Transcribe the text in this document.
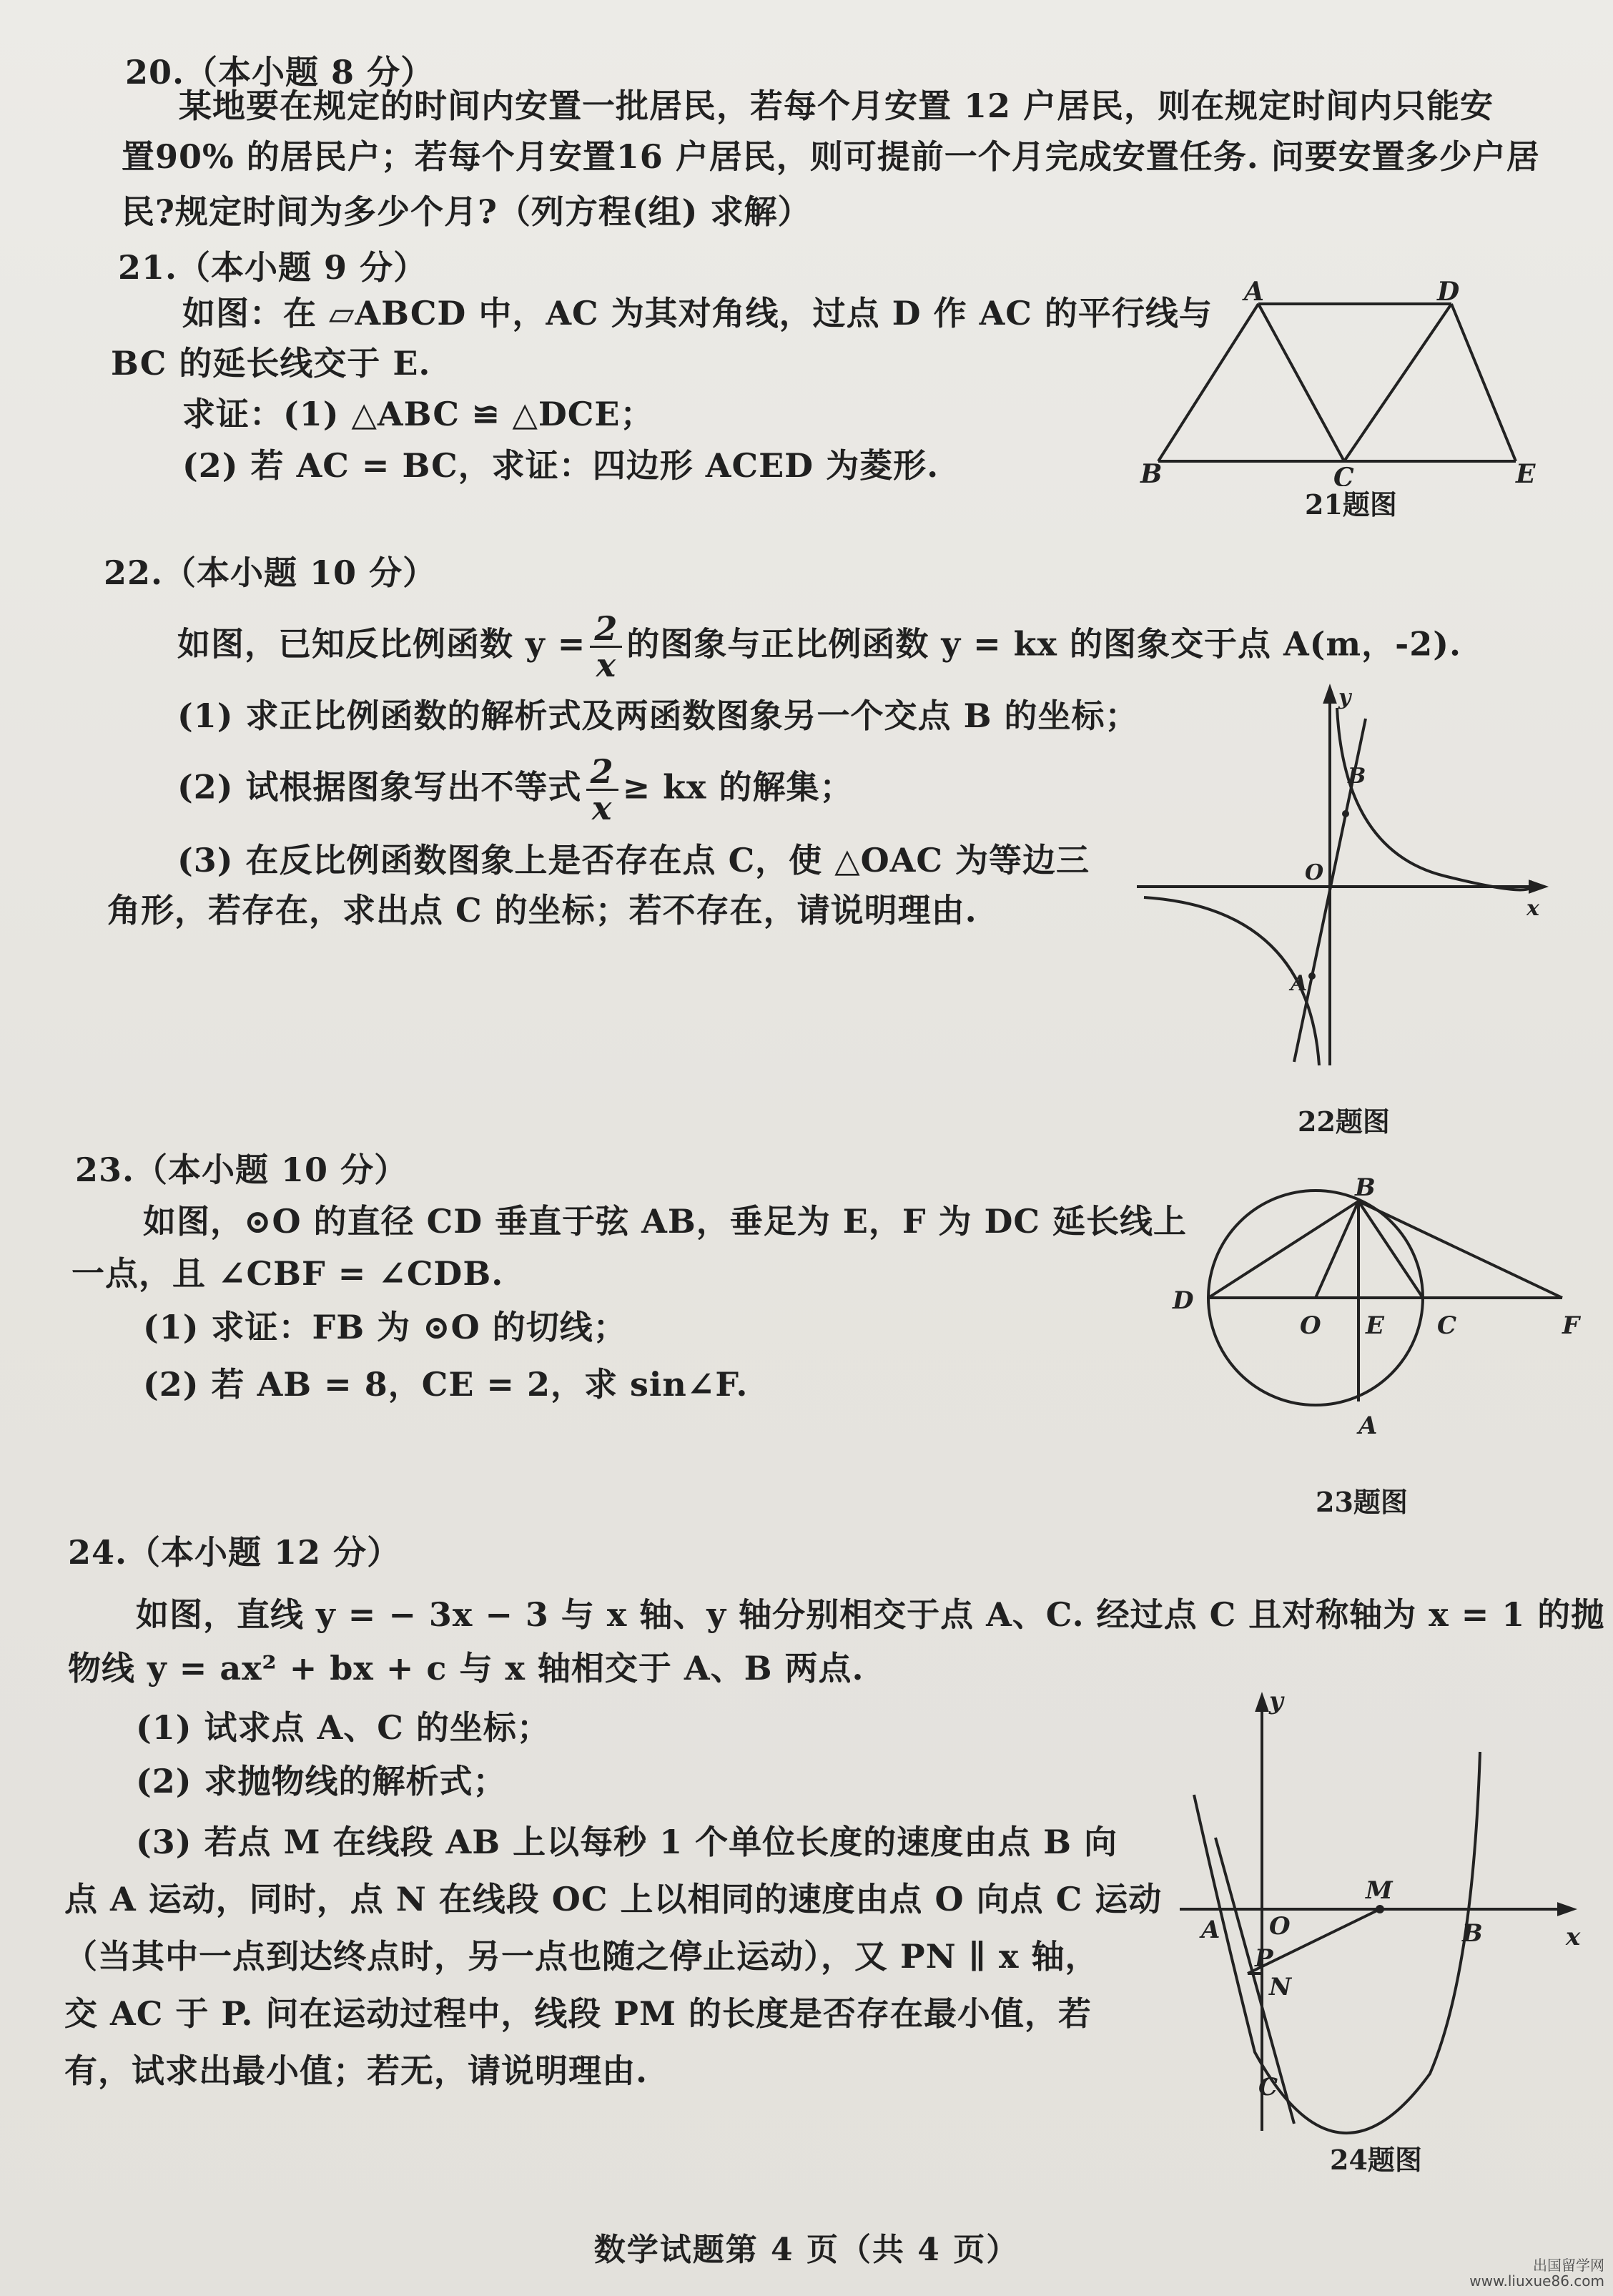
20.（本小题 8 分）
某地要在规定的时间内安置一批居民，若每个月安置 12 户居民，则在规定时间内只能安
置90% 的居民户；若每个月安置16 户居民，则可提前一个月完成安置任务. 问要安置多少户居
民?规定时间为多少个月?（列方程(组) 求解）
21.（本小题 9 分）
如图：在 ▱ABCD 中，AC 为其对角线，过点 D 作 AC 的平行线与
BC 的延长线交于 E.
求证：(1) △ABC ≌ △DCE；
(2) 若 AC = BC，求证：四边形 ACED 为菱形.
A	D
B	C	E
21题图
22.（本小题 10 分）
如图，已知反比例函数 $y = \frac{2}{x}$ 的图象与正比例函数 y = kx 的图象交于点 A(m，-2).
(1) 求正比例函数的解析式及两函数图象另一个交点 B 的坐标；
(2) 试根据图象写出不等式 $\frac{2}{x}$ ≥ kx 的解集；
(3) 在反比例函数图象上是否存在点 C，使 △OAC 为等边三
角形，若存在，求出点 C 的坐标；若不存在，请说明理由.
y
x
O
B
A
22题图
23.（本小题 10 分）
如图，⊙O 的直径 CD 垂直于弦 AB，垂足为 E，F 为 DC 延长线上
一点，且 ∠CBF = ∠CDB.
(1) 求证：FB 为 ⊙O 的切线；
(2) 若 AB = 8，CE = 2，求 sin∠F.
B
D
O E C	F
A
23题图
24.（本小题 12 分）
如图，直线 y = − 3x − 3 与 x 轴、y 轴分别相交于点 A、C. 经过点 C 且对称轴为 x = 1 的抛
物线 y = ax² + bx + c 与 x 轴相交于 A、B 两点.
(1) 试求点 A、C 的坐标；
(2) 求抛物线的解析式；
(3) 若点 M 在线段 AB 上以每秒 1 个单位长度的速度由点 B 向
点 A 运动，同时，点 N 在线段 OC 上以相同的速度由点 O 向点 C 运动
（当其中一点到达终点时，另一点也随之停止运动），又 PN ∥ x 轴，
交 AC 于 P. 问在运动过程中，线段 PM 的长度是否存在最小值，若
有，试求出最小值；若无，请说明理由.
y
x
O
A	B
M
P
N
C
24题图
数学试题第 4 页（共 4 页）	出国留学网
www.liuxue86.com
